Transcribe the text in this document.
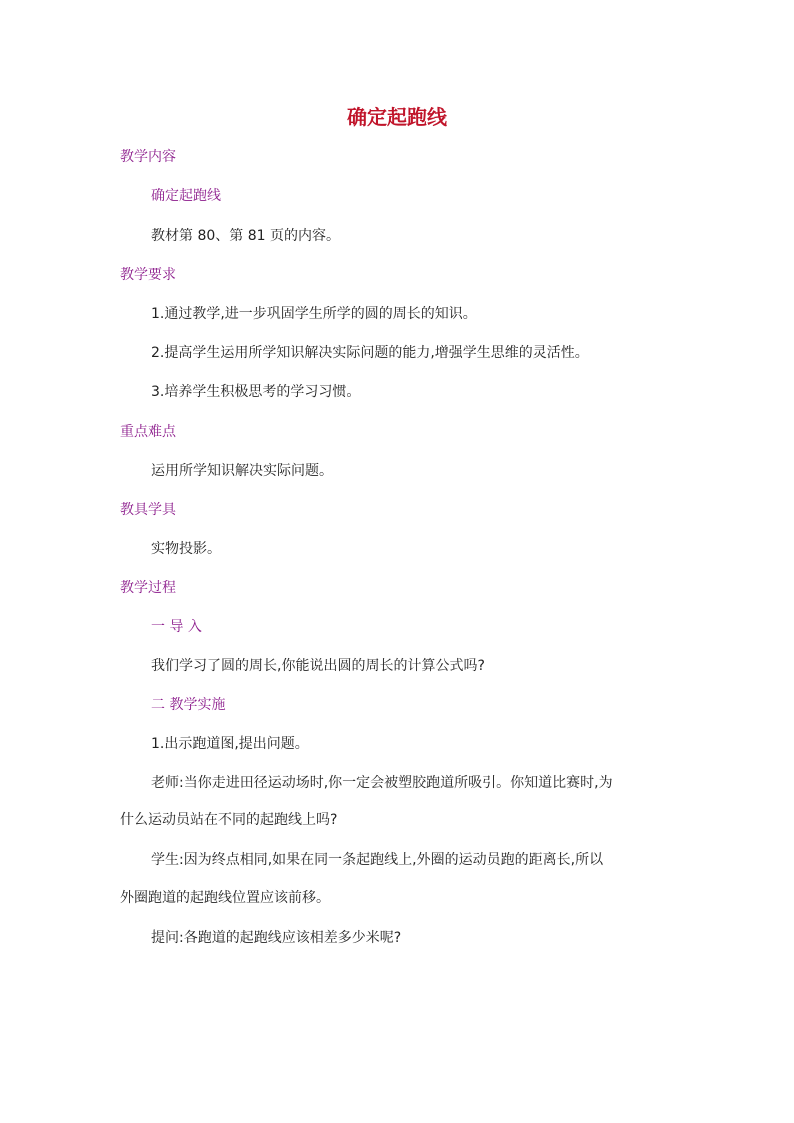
确定起跑线

教学内容

确定起跑线

教材第 80、第 81 页的内容。

教学要求

1.通过教学,进一步巩固学生所学的圆的周长的知识。

2.提高学生运用所学知识解决实际问题的能力,增强学生思维的灵活性。

3.培养学生积极思考的学习习惯。

重点难点

运用所学知识解决实际问题。

教具学具

实物投影。

教学过程

一 导 入

我们学习了圆的周长,你能说出圆的周长的计算公式吗?

二 教学实施

1.出示跑道图,提出问题。

老师:当你走进田径运动场时,你一定会被塑胶跑道所吸引。你知道比赛时,为

什么运动员站在不同的起跑线上吗?

学生:因为终点相同,如果在同一条起跑线上,外圈的运动员跑的距离长,所以

外圈跑道的起跑线位置应该前移。

提问:各跑道的起跑线应该相差多少米呢?
